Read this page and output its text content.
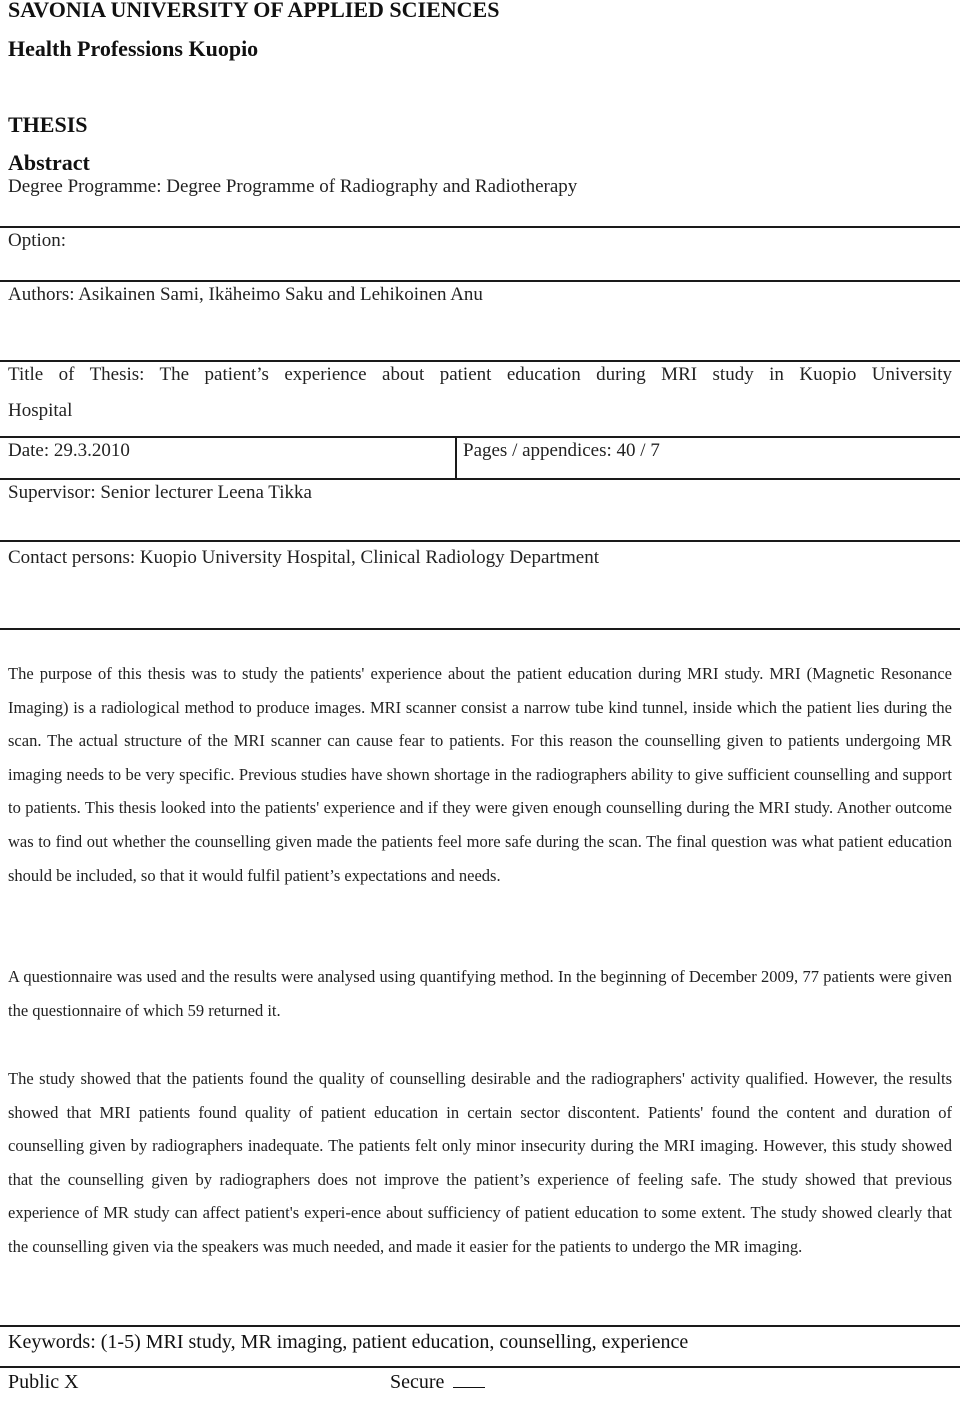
SAVONIA UNIVERSITY OF APPLIED SCIENCES
Health Professions Kuopio
THESIS
Abstract
Degree Programme: Degree Programme of Radiography and Radiotherapy
Option:
Authors: Asikainen Sami, Ikäheimo Saku and Lehikoinen Anu
Title of Thesis: The patient’s experience about patient education during MRI study in Kuopio University
Hospital
Date: 29.3.2010	Pages / appendices: 40 / 7
Supervisor: Senior lecturer Leena Tikka
Contact persons: Kuopio University Hospital, Clinical Radiology Department
The purpose of this thesis was to study the patients' experience about the patient education during MRI study. MRI (Magnetic Resonance Imaging) is a radiological method to produce images. MRI scanner consist a narrow tube kind tunnel, inside which the patient lies during the scan. The actual structure of the MRI scanner can cause fear to patients. For this reason the counselling given to patients undergoing MR imaging needs to be very specific. Previous studies have shown shortage in the radiographers ability to give sufficient counselling and support to patients. This thesis looked into the patients' experience and if they were given enough counselling during the MRI study. Another outcome was to find out whether the counselling given made the patients feel more safe during the scan. The final question was what patient education should be included, so that it would fulfil patient’s expectations and needs.
A questionnaire was used and the results were analysed using quantifying method. In the beginning of December 2009, 77 patients were given the questionnaire of which 59 returned it.
The study showed that the patients found the quality of counselling desirable and the radiographers' activity qualified. However, the results showed that MRI patients found quality of patient education in certain sector discontent. Patients' found the content and duration of counselling given by radiographers inadequate. The patients felt only minor insecurity during the MRI imaging. However, this study showed that the counselling given by radiographers does not improve the patient’s experience of feeling safe. The study showed that previous experience of MR study can affect patient's experi-ence about sufficiency of patient education to some extent. The study showed clearly that the counselling given via the speakers was much needed, and made it easier for the patients to undergo the MR imaging.
Keywords: (1-5) MRI study, MR imaging, patient education, counselling, experience
Public X	Secure
